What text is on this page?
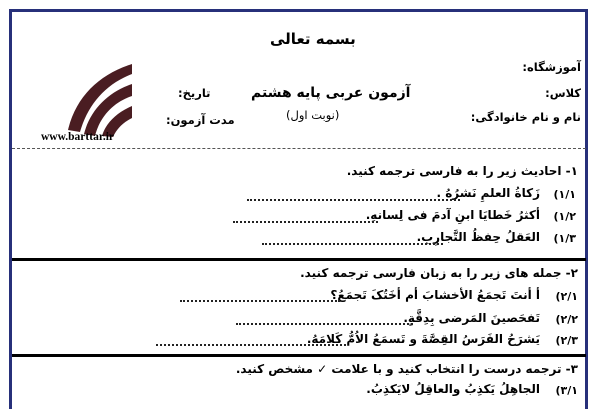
بسمه تعالی
آموزشگاه:
کلاس:
نام و نام خانوادگی:
آزمون عربی پایه هشتم
(نوبت اول)
تاریخ:
مدت آزمون:
www.barttar.ir
۱- احادیث زیر را به فارسی ترجمه کنید.
۱/۱)
زَکاةُ العلمِ نَشرُهُ .
۱/۲)
أکثرُ خَطایَا ابنِ آدمَ فی لِسانهِ.
۱/۳)
العَقلُ حِفظُ التَّجارِبِ.
۲- جمله های زیر را به زبان فارسی ترجمه کنید.
۲/۱)
أ أنتَ تَجمَعُ الأخشابَ أم أخَتُکَ تَجمَعُ؟
۲/۲)
تَفحَصینَ المَرضی بِدِقَّةٍ.
۲/۳)
یَشرَحُ الفَرَسُ القِصَّةَ و تَسمَعُ الاُمُّ کَلامَهُ.
۳- ترجمه درست را انتخاب کنید و با علامت ✓ مشخص کنید.
۳/۱)
الجاهِلُ یَکذِبُ والعاقِلُ لایَکذِبُ.
